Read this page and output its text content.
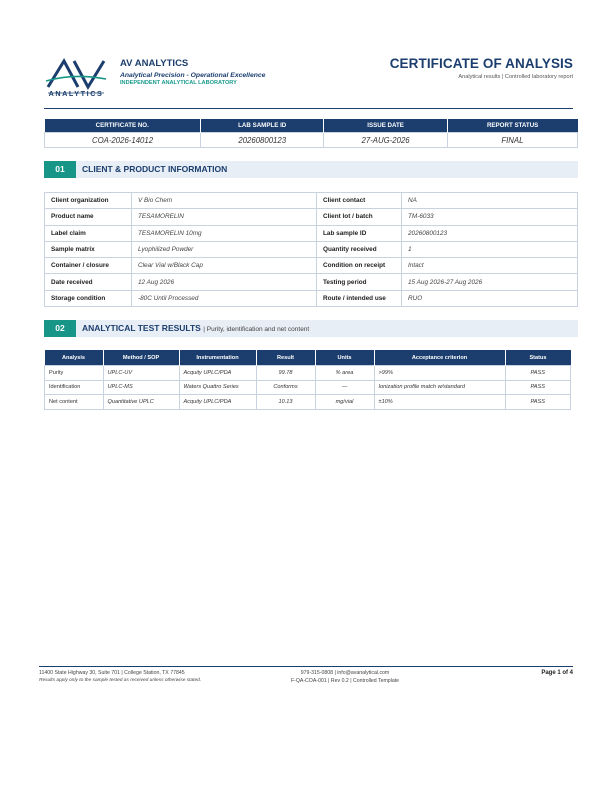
ANALYTICS
AV ANALYTICS
Analytical Precision - Operational Excellence
INDEPENDENT ANALYTICAL LABORATORY
CERTIFICATE OF ANALYSIS
Analytical results | Controlled laboratory report
CERTIFICATE NO.	LAB SAMPLE ID	ISSUE DATE	REPORT STATUS
COA-2026-14012	20260800123	27-AUG-2026	FINAL
01	CLIENT & PRODUCT INFORMATION
Client organization	V Bio Chem	Client contact	NA
Product name	TESAMORELIN	Client lot / batch	TM-6033
Label claim	TESAMORELIN 10mg	Lab sample ID	20260800123
Sample matrix	Lyophilized Powder	Quantity received	1
Container / closure	Clear Vial w/Black Cap	Condition on receipt	Intact
Date received	12 Aug 2026	Testing period	15 Aug 2026-27 Aug 2026
Storage condition	-80C Until Processed	Route / intended use	RUO
02	ANALYTICAL TEST RESULTS | Purity, identification and net content
Analysis	Method / SOP	Instrumentation	Result	Units	Acceptance criterion	Status
Purity	UPLC-UV	Acquity UPLC/PDA	99.78	% area	>99%	PASS
Identification	UPLC-MS	Waters Quattro Series	Conforms	—	Ionization profile match w/standard	PASS
Net content	Quantitative UPLC	Acquity UPLC/PDA	10.13	mg/vial	±10%	PASS
11400 State Highway 30, Suite 701 | College Station, TX 77845
Results apply only to the sample tested as received unless otherwise stated.
979-315-0808 | info@avanalytical.com
F-QA-COA-001 | Rev 0.2 | Controlled Template
Page 1 of 4
